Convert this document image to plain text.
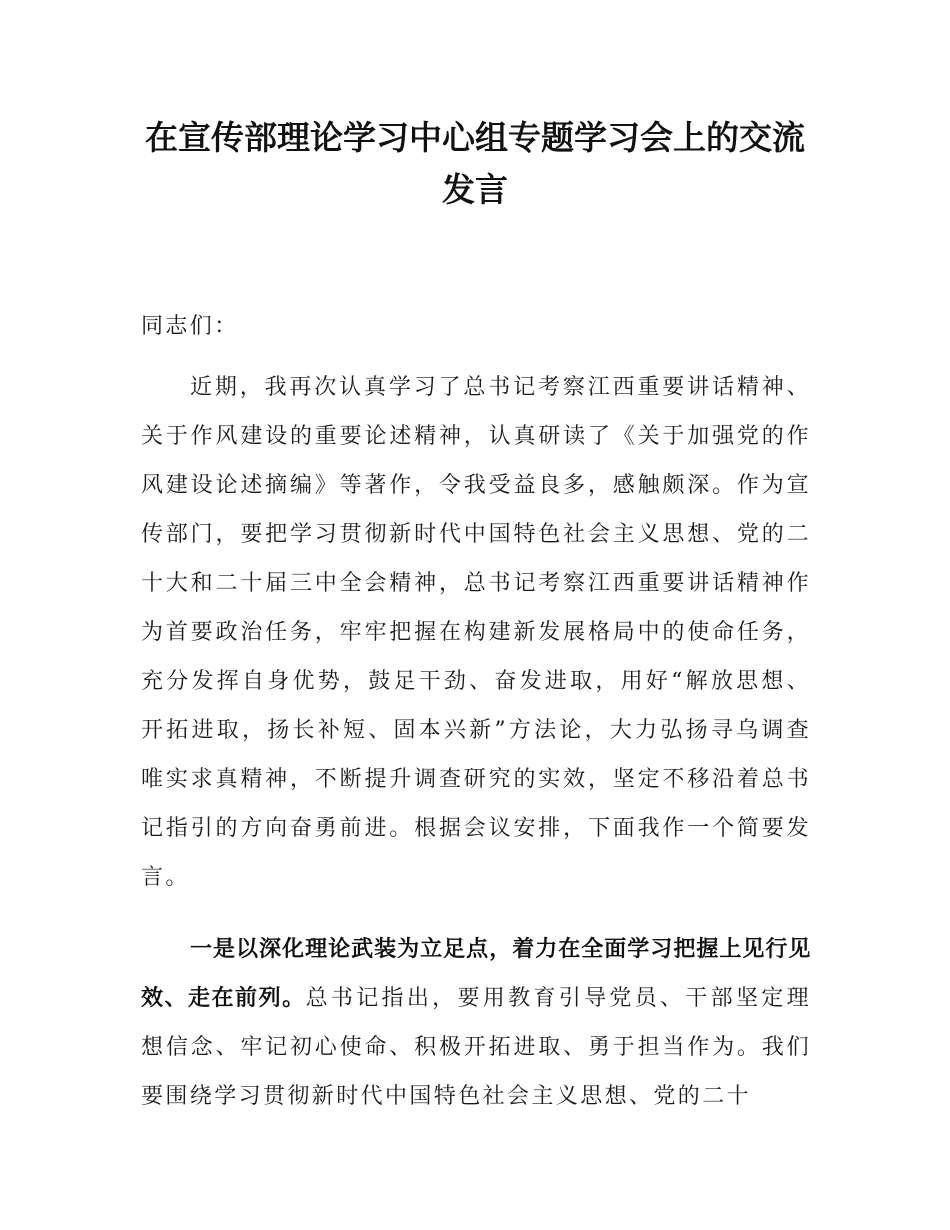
在宣传部理论学习中心组专题学习会上的交流发言

同志们：

近期，我再次认真学习了总书记考察江西重要讲话精神、关于作风建设的重要论述精神，认真研读了《关于加强党的作风建设论述摘编》等著作，令我受益良多，感触颇深。作为宣传部门，要把学习贯彻新时代中国特色社会主义思想、党的二十大和二十届三中全会精神，总书记考察江西重要讲话精神作为首要政治任务，牢牢把握在构建新发展格局中的使命任务，充分发挥自身优势，鼓足干劲、奋发进取，用好“解放思想、开拓进取，扬长补短、固本兴新”方法论，大力弘扬寻乌调查唯实求真精神，不断提升调查研究的实效，坚定不移沿着总书记指引的方向奋勇前进。根据会议安排，下面我作一个简要发言。

一是以深化理论武装为立足点，着力在全面学习把握上见行见效、走在前列。总书记指出，要用教育引导党员、干部坚定理想信念、牢记初心使命、积极开拓进取、勇于担当作为。我们要围绕学习贯彻新时代中国特色社会主义思想、党的二十
